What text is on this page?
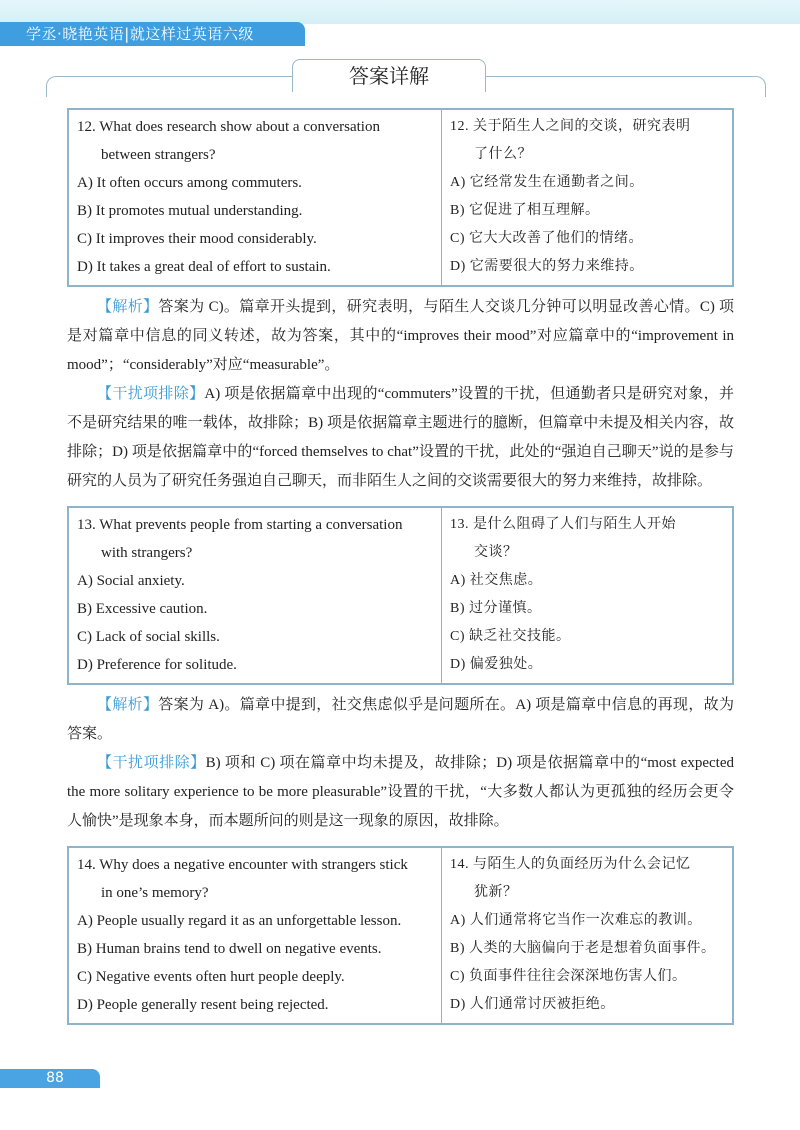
学丞·晓艳英语|就这样过英语六级
答案详解
12. What does research show about a conversation
between strangers?
A) It often occurs among commuters.
B) It promotes mutual understanding.
C) It improves their mood considerably.
D) It takes a great deal of effort to sustain.

12. 关于陌生人之间的交谈，研究表明
了什么？
A) 它经常发生在通勤者之间。
B) 它促进了相互理解。
C) 它大大改善了他们的情绪。
D) 它需要很大的努力来维持。
【解析】答案为 C)。篇章开头提到，研究表明，与陌生人交谈几分钟可以明显改善心情。C) 项是对篇章中信息的同义转述，故为答案，其中的“improves their mood”对应篇章中的“improvement in mood”；“considerably”对应“measurable”。
【干扰项排除】A) 项是依据篇章中出现的“commuters”设置的干扰，但通勤者只是研究对象，并不是研究结果的唯一载体，故排除；B) 项是依据篇章主题进行的臆断，但篇章中未提及相关内容，故排除；D) 项是依据篇章中的“forced themselves to chat”设置的干扰，此处的“强迫自己聊天”说的是参与研究的人员为了研究任务强迫自己聊天，而非陌生人之间的交谈需要很大的努力来维持，故排除。
13. What prevents people from starting a conversation
with strangers?
A) Social anxiety.
B) Excessive caution.
C) Lack of social skills.
D) Preference for solitude.

13. 是什么阻碍了人们与陌生人开始
交谈？
A) 社交焦虑。
B) 过分谨慎。
C) 缺乏社交技能。
D) 偏爱独处。
【解析】答案为 A)。篇章中提到，社交焦虑似乎是问题所在。A) 项是篇章中信息的再现，故为答案。
【干扰项排除】B) 项和 C) 项在篇章中均未提及，故排除；D) 项是依据篇章中的“most expected the more solitary experience to be more pleasurable”设置的干扰，“大多数人都认为更孤独的经历会更令人愉快”是现象本身，而本题所问的则是这一现象的原因，故排除。
14. Why does a negative encounter with strangers stick
in one’s memory?
A) People usually regard it as an unforgettable lesson.
B) Human brains tend to dwell on negative events.
C) Negative events often hurt people deeply.
D) People generally resent being rejected.

14. 与陌生人的负面经历为什么会记忆
犹新？
A) 人们通常将它当作一次难忘的教训。
B) 人类的大脑偏向于老是想着负面事件。
C) 负面事件往往会深深地伤害人们。
D) 人们通常讨厌被拒绝。
88
